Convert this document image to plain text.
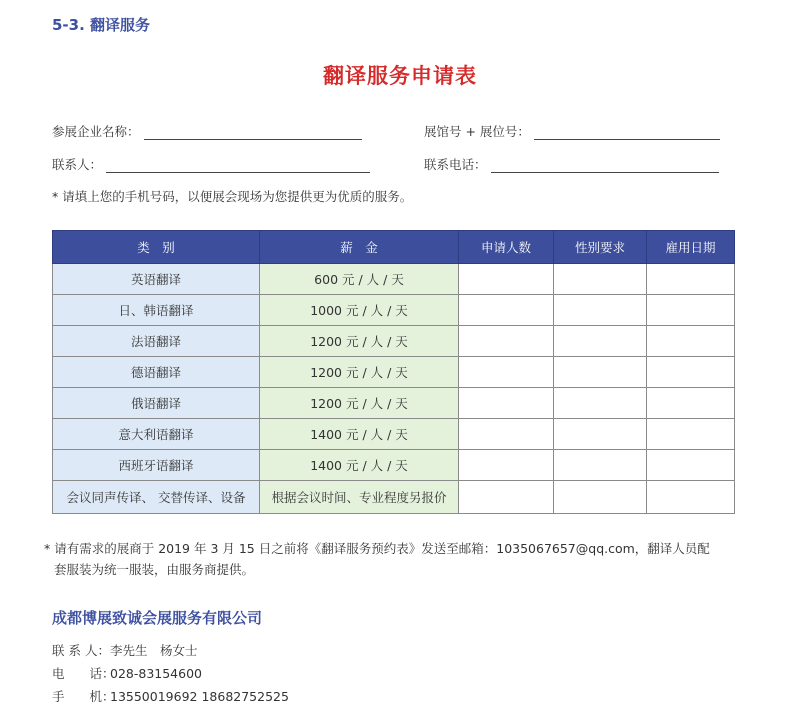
5-3. 翻译服务
翻译服务申请表
参展企业名称：	展馆号 + 展位号：
联系人：	联系电话：
* 请填上您的手机号码，以便展会现场为您提供更为优质的服务。
类　别	薪　金	申请人数	性别要求	雇用日期
英语翻译	600 元 / 人 / 天			
日、韩语翻译	1000 元 / 人 / 天			
法语翻译	1200 元 / 人 / 天			
德语翻译	1200 元 / 人 / 天			
俄语翻译	1200 元 / 人 / 天			
意大利语翻译	1400 元 / 人 / 天			
西班牙语翻译	1400 元 / 人 / 天			
会议同声传译、 交替传译、设备	根据会议时间、专业程度另报价			
* 请有需求的展商于 2019 年 3 月 15 日之前将《翻译服务预约表》发送至邮箱：1035067657@qq.com，翻译人员配
套服装为统一服装，由服务商提供。
成都博展致诚会展服务有限公司
联 系 人：李先生　杨女士
电　　话：028-83154600
手　　机：13550019692 18682752525
